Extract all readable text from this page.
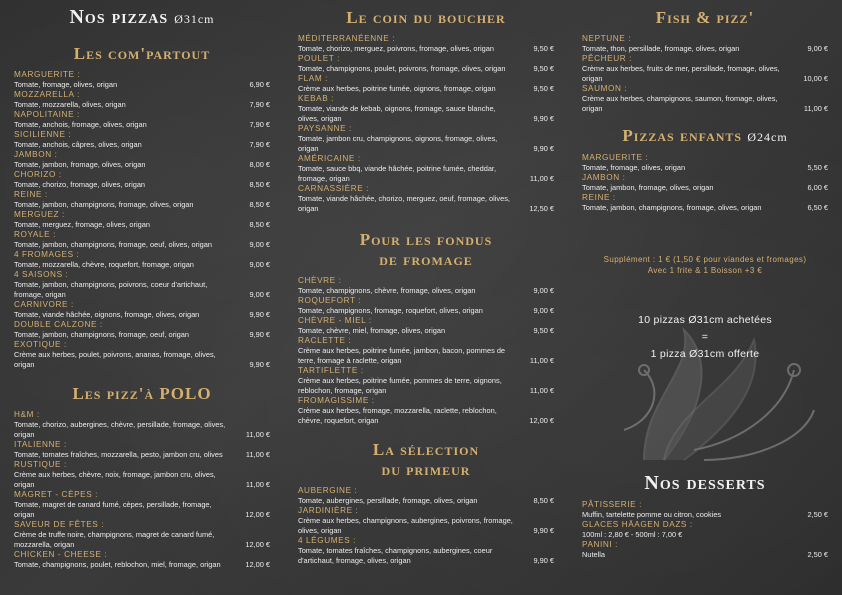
Nos pizzas Ø31cm
Les com'partout
MARGUERITE :
Tomate, fromage, olives, origan	6,90 €
MOZZARELLA :
Tomate, mozzarella, olives, origan	7,90 €
NAPOLITAINE :
Tomate, anchois, fromage, olives, origan	7,90 €
SICILIENNE :
Tomate, anchois, câpres, olives, origan	7,90 €
JAMBON :
Tomate, jambon, fromage, olives, origan	8,00 €
CHORIZO :
Tomate, chorizo, fromage, olives, origan	8,50 €
REINE :
Tomate, jambon, champignons, fromage, olives, origan	8,50 €
MERGUEZ :
Tomate, merguez, fromage, olives, origan	8,50 €
ROYALE :
Tomate, jambon, champignons, fromage, oeuf, olives, origan	9,00 €
4 FROMAGES :
Tomate, mozzarella, chèvre, roquefort, fromage, origan	9,00 €
4 SAISONS :
Tomate, jambon, champignons, poivrons, coeur d'artichaut, fromage, origan	9,00 €
CARNIVORE :
Tomate, viande hâchée, oignons, fromage, olives, origan	9,90 €
DOUBLE CALZONE :
Tomate, jambon, champignons, fromage, oeuf, origan	9,90 €
EXOTIQUE :
Crème aux herbes, poulet, poivrons, ananas, fromage, olives, origan	9,90 €
Les pizz'à POLO
H&M :
Tomate, chorizo, aubergines, chèvre, persillade, fromage, olives, origan	11,00 €
ITALIENNE :
Tomate, tomates fraîches, mozzarella, pesto, jambon cru, olives	11,00 €
RUSTIQUE :
Crème aux herbes, chèvre, noix, fromage, jambon cru, olives, origan	11,00 €
MAGRET - CÈPES :
Tomate, magret de canard fumé, cèpes, persillade, fromage, origan	12,00 €
SAVEUR DE FÊTES :
Crème de truffe noire, champignons, magret de canard fumé, mozzarella, origan	12,00 €
CHICKEN - CHEESE :
Tomate, champignons, poulet, reblochon, miel, fromage, origan	12,00 €
Le coin du boucher
MÉDITERRANÉENNE :
Tomate, chorizo, merguez, poivrons, fromage, olives, origan	9,50 €
POULET :
Tomate, champignons, poulet, poivrons, fromage, olives, origan	9,50 €
FLAM :
Crème aux herbes, poitrine fumée, oignons, fromage, origan	9,50 €
KEBAB :
Tomate, viande de kebab, oignons, fromage, sauce blanche, olives, origan	9,90 €
PAYSANNE :
Tomate, jambon cru, champignons, oignons, fromage, olives, origan	9,90 €
AMÉRICAINE :
Tomate, sauce bbq, viande hâchée, poitrine fumée, cheddar, fromage, origan	11,00 €
CARNASSIÈRE :
Tomate, viande hâchée, chorizo, merguez, oeuf, fromage, olives, origan	12,50 €
Pour les fondus
de fromage
CHÈVRE :
Tomate, champignons, chèvre, fromage, olives, origan	9,00 €
ROQUEFORT :
Tomate, champignons, fromage, roquefort, olives, origan	9,00 €
CHÈVRE - MIEL :
Tomate, chèvre, miel, fromage, olives, origan	9,50 €
RACLETTE :
Crème aux herbes, poitrine fumée, jambon, bacon, pommes de terre, fromage à raclette, origan	11,00 €
TARTIFLETTE :
Crème aux herbes, poitrine fumée, pommes de terre, oignons, reblochon, fromage, origan	11,00 €
FROMAGISSIME :
Crème aux herbes, fromage, mozzarella, raclette, reblochon, chèvre, roquefort, origan	12,00 €
La sélection
du primeur
AUBERGINE :
Tomate, aubergines, persillade, fromage, olives, origan	8,50 €
JARDINIÈRE :
Crème aux herbes, champignons, aubergines, poivrons, fromage, olives, origan	9,90 €
4 LÉGUMES :
Tomate, tomates fraîches, champignons, aubergines, coeur d'artichaut, fromage, olives, origan	9,90 €
Fish & pizz'
NEPTUNE :
Tomate, thon, persillade, fromage, olives, origan	9,00 €
PÊCHEUR :
Crème aux herbes, fruits de mer, persillade, fromage, olives, origan	10,00 €
SAUMON :
Crème aux herbes, champignons, saumon, fromage, olives, origan	11,00 €
Pizzas enfants Ø24cm
MARGUERITE :
Tomate, fromage, olives, origan	5,50 €
JAMBON :
Tomate, jambon, fromage, olives, origan	6,00 €
REINE :
Tomate, jambon, champignons, fromage, olives, origan	6,50 €
Supplément : 1 € (1,50 € pour viandes et fromages)
Avec 1 frite & 1 Boisson +3 €
10 pizzas Ø31cm achetées
=
1 pizza Ø31cm offerte
Nos desserts
PÂTISSERIE :
Muffin, tartelette pomme ou citron, cookies	2,50 €
GLACES HÄAGEN DAZS :
100ml : 2,80 € - 500ml : 7,00 €
PANINI :
Nutella	2,50 €
